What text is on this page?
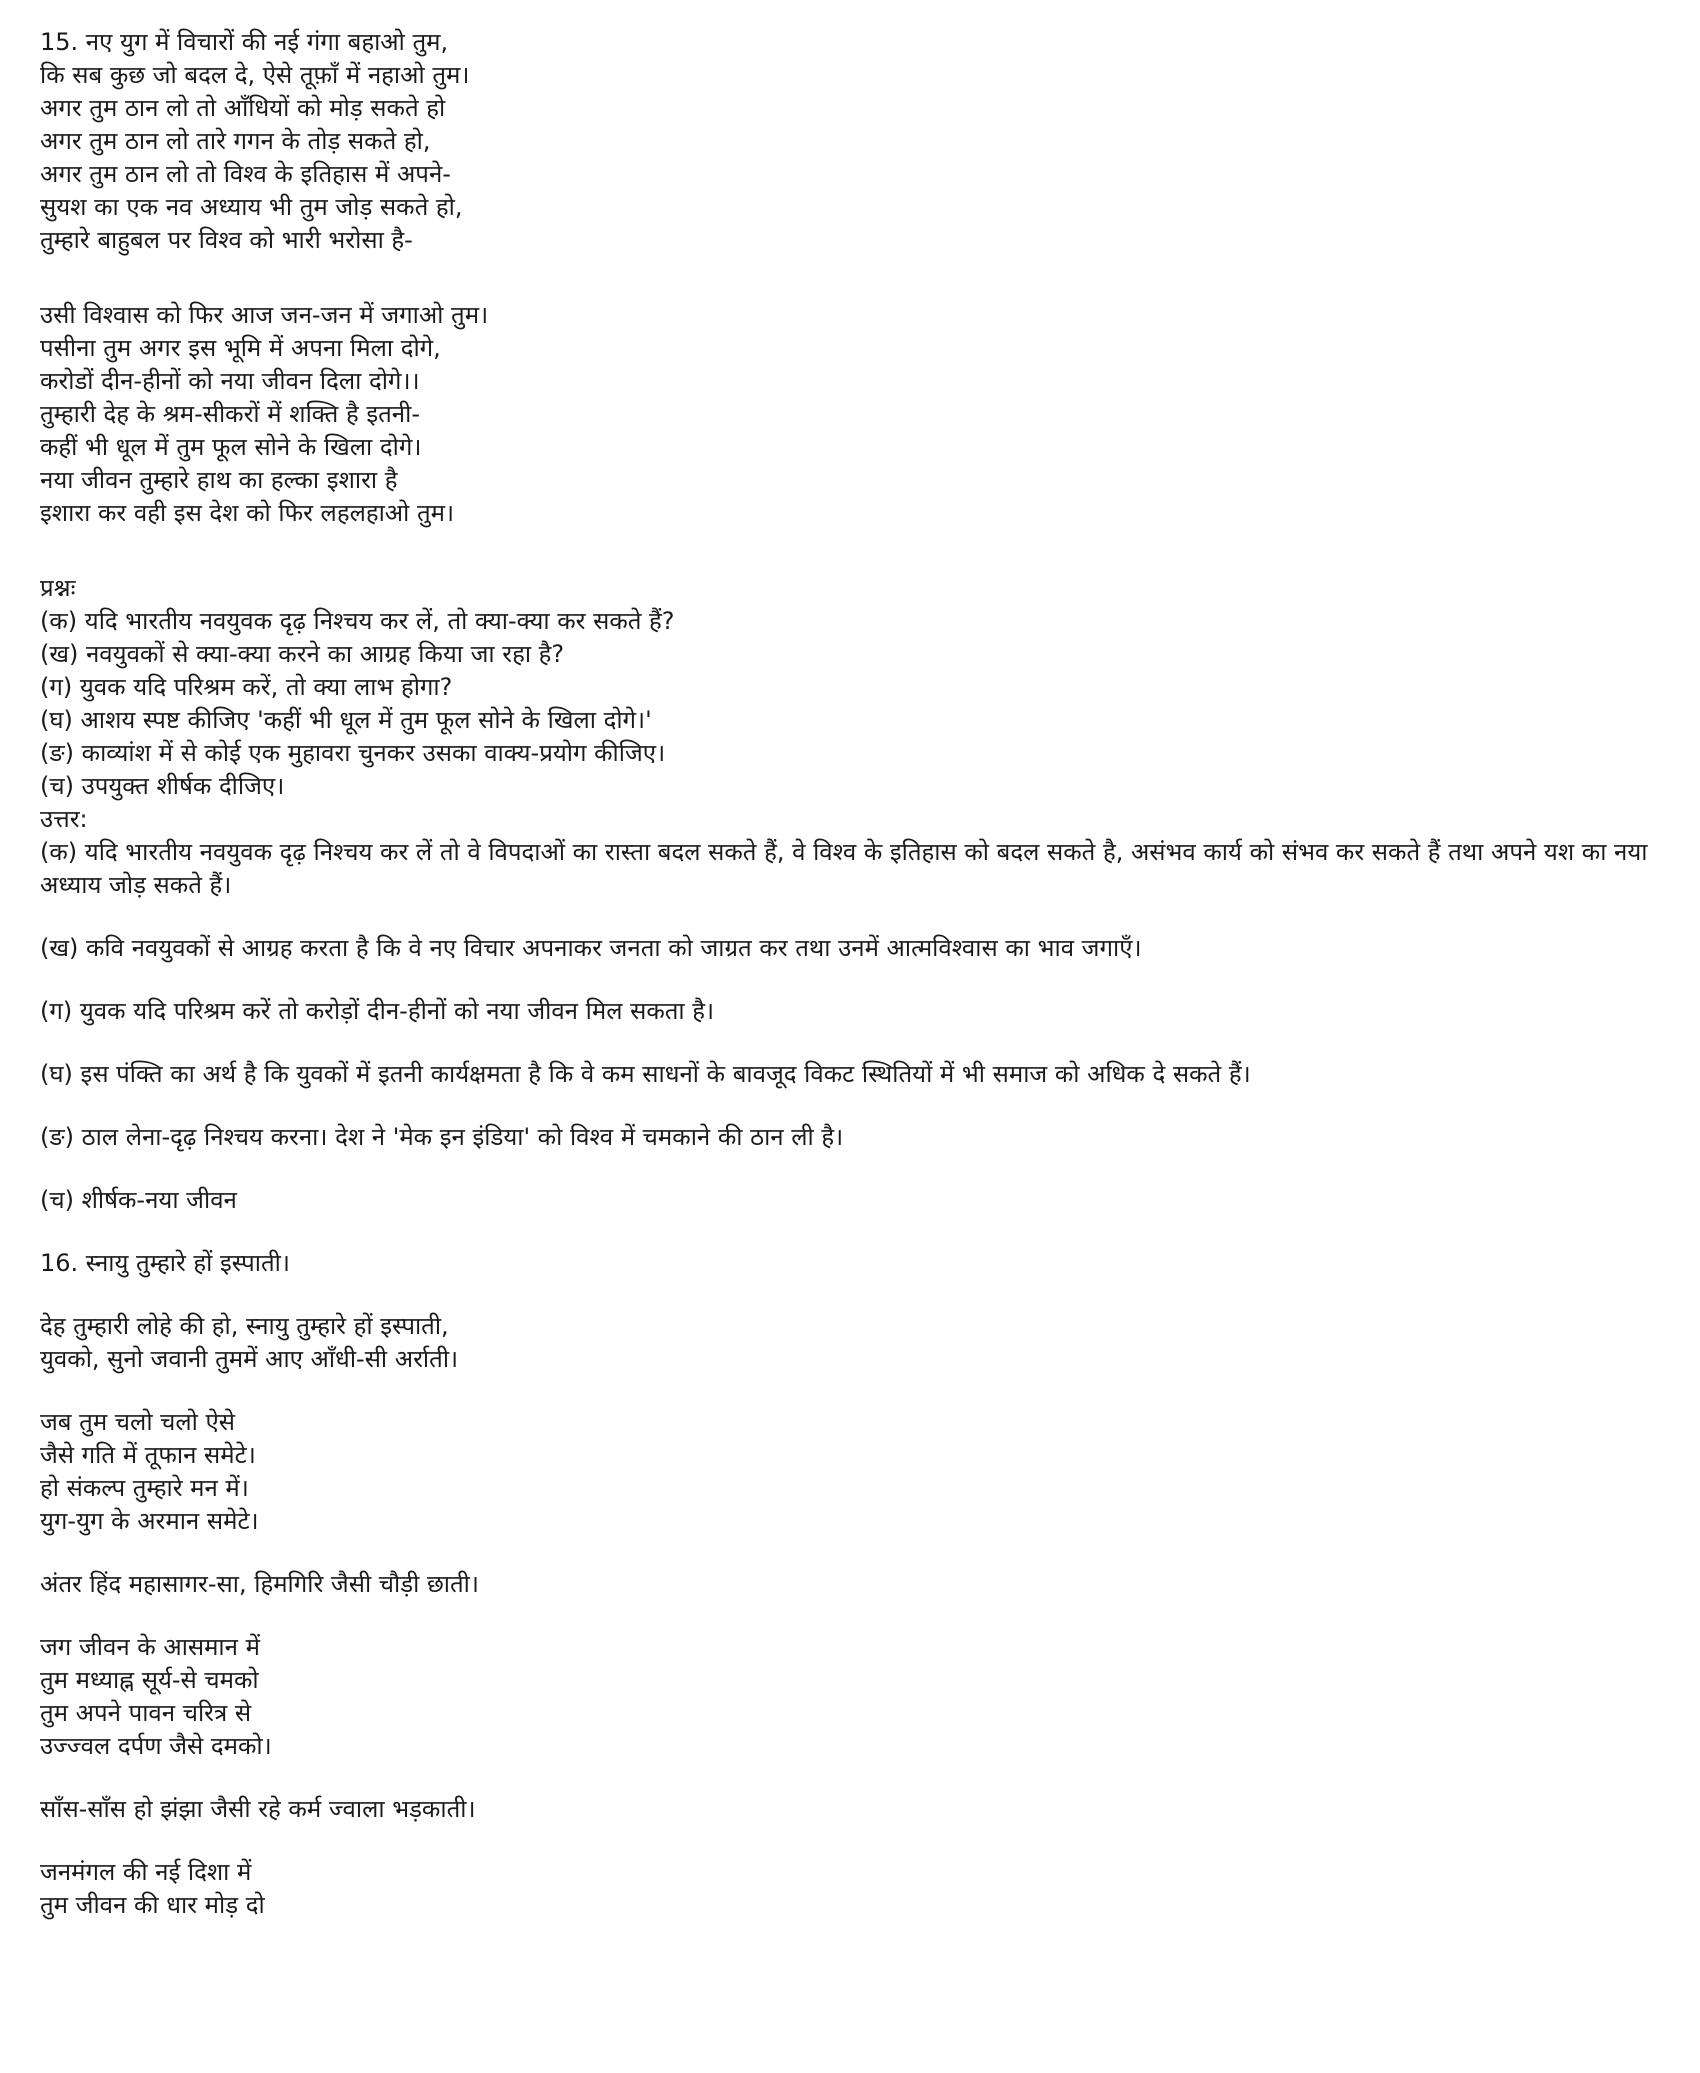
15. नए युग में विचारों की नई गंगा बहाओ तुम,
कि सब कुछ जो बदल दे, ऐसे तूफ़ाँ में नहाओ तुम।
अगर तुम ठान लो तो आँधियों को मोड़ सकते हो
अगर तुम ठान लो तारे गगन के तोड़ सकते हो,
अगर तुम ठान लो तो विश्व के इतिहास में अपने-
सुयश का एक नव अध्याय भी तुम जोड़ सकते हो,
तुम्हारे बाहुबल पर विश्व को भारी भरोसा है-
उसी विश्वास को फिर आज जन-जन में जगाओ तुम।
पसीना तुम अगर इस भूमि में अपना मिला दोगे,
करोडों दीन-हीनों को नया जीवन दिला दोगे।।
तुम्हारी देह के श्रम-सीकरों में शक्ति है इतनी-
कहीं भी धूल में तुम फूल सोने के खिला दोगे।
नया जीवन तुम्हारे हाथ का हल्का इशारा है
इशारा कर वही इस देश को फिर लहलहाओ तुम।
प्रश्नः
(क) यदि भारतीय नवयुवक दृढ़ निश्चय कर लें, तो क्या-क्या कर सकते हैं?
(ख) नवयुवकों से क्या-क्या करने का आग्रह किया जा रहा है?
(ग) युवक यदि परिश्रम करें, तो क्या लाभ होगा?
(घ) आशय स्पष्ट कीजिए 'कहीं भी धूल में तुम फूल सोने के खिला दोगे।'
(ङ) काव्यांश में से कोई एक मुहावरा चुनकर उसका वाक्य-प्रयोग कीजिए।
(च) उपयुक्त शीर्षक दीजिए।
उत्तर:
(क) यदि भारतीय नवयुवक दृढ़ निश्चय कर लें तो वे विपदाओं का रास्ता बदल सकते हैं, वे विश्व के इतिहास को बदल सकते है, असंभव कार्य को संभव कर सकते हैं तथा अपने यश का नया अध्याय जोड़ सकते हैं।
(ख) कवि नवयुवकों से आग्रह करता है कि वे नए विचार अपनाकर जनता को जाग्रत कर तथा उनमें आत्मविश्वास का भाव जगाएँ।
(ग) युवक यदि परिश्रम करें तो करोड़ों दीन-हीनों को नया जीवन मिल सकता है।
(घ) इस पंक्ति का अर्थ है कि युवकों में इतनी कार्यक्षमता है कि वे कम साधनों के बावजूद विकट स्थितियों में भी समाज को अधिक दे सकते हैं।
(ङ) ठाल लेना-दृढ़ निश्चय करना। देश ने 'मेक इन इंडिया' को विश्व में चमकाने की ठान ली है।
(च) शीर्षक-नया जीवन
16. स्नायु तुम्हारे हों इस्पाती।
देह तुम्हारी लोहे की हो, स्नायु तुम्हारे हों इस्पाती,
युवको, सुनो जवानी तुममें आए आँधी-सी अर्राती।
जब तुम चलो चलो ऐसे
जैसे गति में तूफान समेटे।
हो संकल्प तुम्हारे मन में।
युग-युग के अरमान समेटे।
अंतर हिंद महासागर-सा, हिमगिरि जैसी चौड़ी छाती।
जग जीवन के आसमान में
तुम मध्याह्न सूर्य-से चमको
तुम अपने पावन चरित्र से
उज्ज्वल दर्पण जैसे दमको।
साँस-साँस हो झंझा जैसी रहे कर्म ज्वाला भड़काती।
जनमंगल की नई दिशा में
तुम जीवन की धार मोड़ दो
